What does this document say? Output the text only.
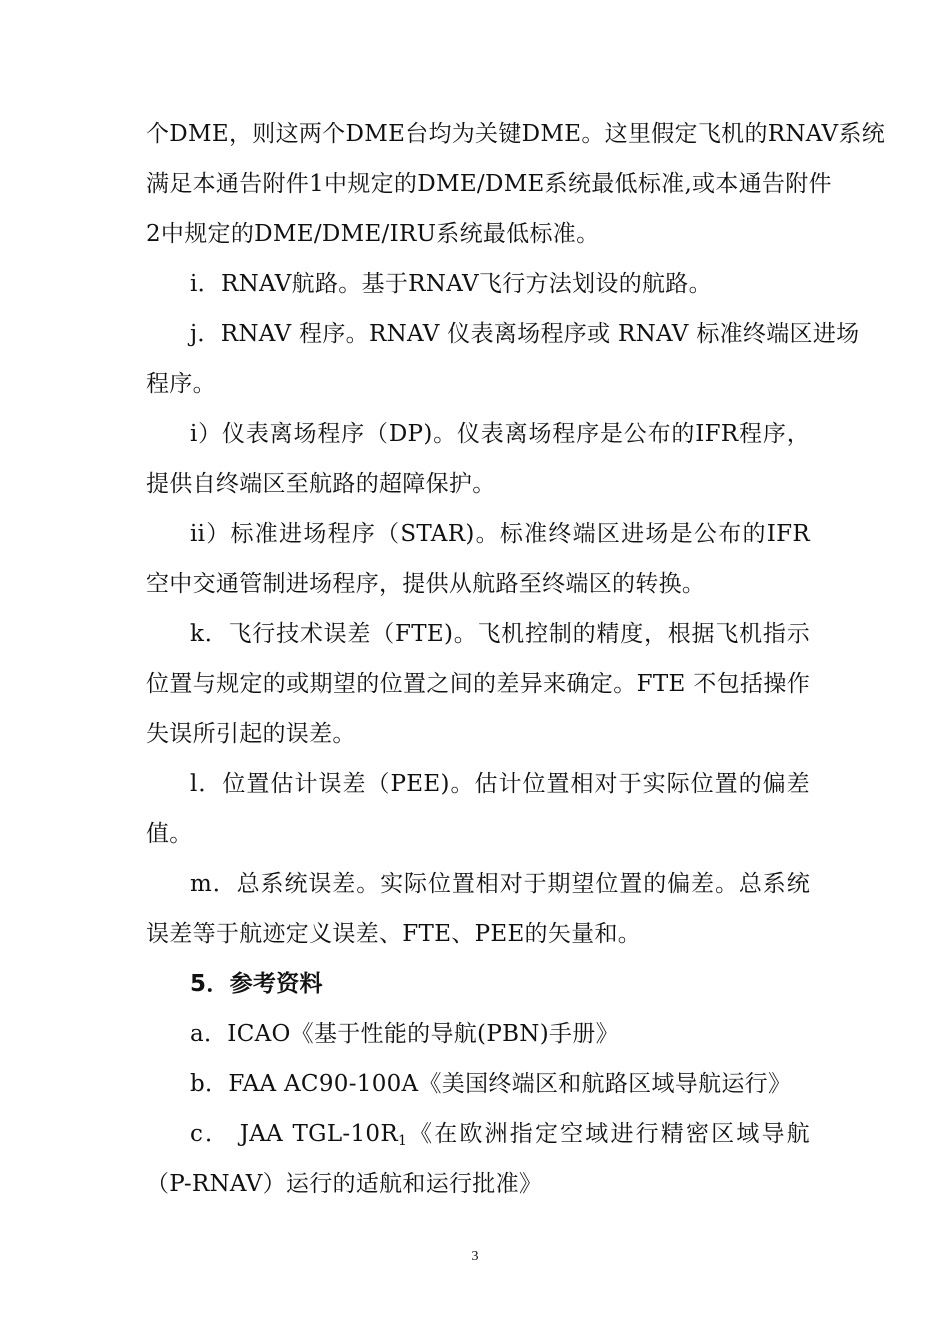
个DME，则这两个DME台均为关键DME。这里假定飞机的RNAV系统
满足本通告附件1中规定的DME/DME系统最低标准,或本通告附件
2中规定的DME/DME/IRU系统最低标准。
i．RNAV航路。基于RNAV飞行方法划设的航路。
j．RNAV 程序。RNAV 仪表离场程序或 RNAV 标准终端区进场
程序。
i）仪表离场程序（DP)。仪表离场程序是公布的IFR程序，
提供自终端区至航路的超障保护。
ii）标准进场程序（STAR)。标准终端区进场是公布的IFR
空中交通管制进场程序，提供从航路至终端区的转换。
k．飞行技术误差（FTE)。飞机控制的精度，根据飞机指示
位置与规定的或期望的位置之间的差异来确定。FTE 不包括操作
失误所引起的误差。
l．位置估计误差（PEE)。估计位置相对于实际位置的偏差
值。
m．总系统误差。实际位置相对于期望位置的偏差。总系统
误差等于航迹定义误差、FTE、PEE的矢量和。
5．参考资料
a．ICAO《基于性能的导航(PBN)手册》
b．FAA AC90-100A《美国终端区和航路区域导航运行》
c． JAA TGL-$10R_1$《在欧洲指定空域进行精密区域导航
（P-RNAV）运行的适航和运行批准》
3
